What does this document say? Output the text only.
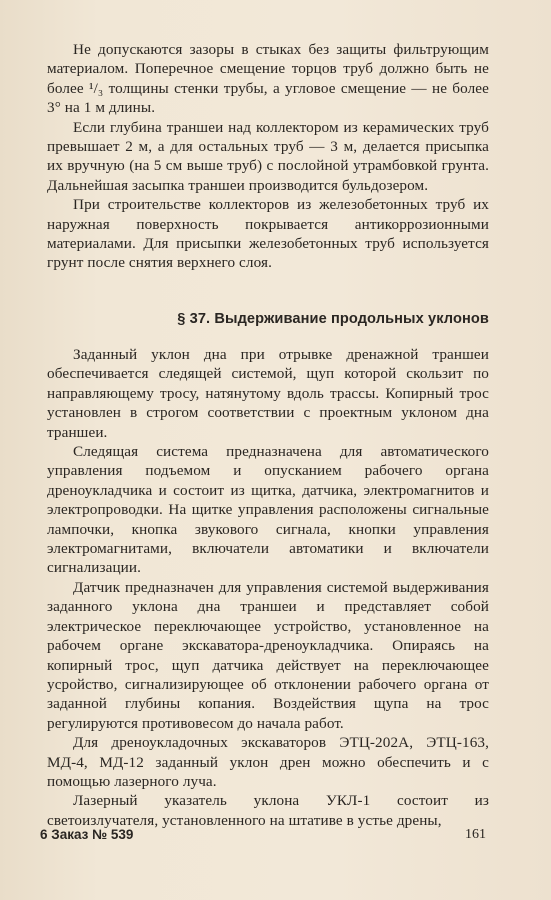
Не допускаются зазоры в стыках без защиты фильтрующим материалом. Поперечное смещение торцов труб должно быть не более ¹/₃ толщины стенки трубы, а угловое смещение — не более 3° на 1 м длины.

Если глубина траншеи над коллектором из керамических труб превышает 2 м, а для остальных труб — 3 м, делается присыпка их вручную (на 5 см выше труб) с послойной утрамбовкой грунта. Дальнейшая засыпка траншеи производится бульдозером.

При строительстве коллекторов из железобетонных труб их наружная поверхность покрывается антикоррозионными материалами. Для присыпки железобетонных труб используется грунт после снятия верхнего слоя.

§ 37. Выдерживание продольных уклонов

Заданный уклон дна при отрывке дренажной траншеи обеспечивается следящей системой, щуп которой скользит по направляющему тросу, натянутому вдоль трассы. Копирный трос установлен в строгом соответствии с проектным уклоном дна траншеи.

Следящая система предназначена для автоматического управления подъемом и опусканием рабочего органа дреноукладчика и состоит из щитка, датчика, электромагнитов и электропроводки. На щитке управления расположены сигнальные лампочки, кнопка звукового сигнала, кнопки управления электромагнитами, включатели автоматики и включатели сигнализации.

Датчик предназначен для управления системой выдерживания заданного уклона дна траншеи и представляет собой электрическое переключающее устройство, установленное на рабочем органе экскаватора-дреноукладчика. Опираясь на копирный трос, щуп датчика действует на переключающее усройство, сигнализирующее об отклонении рабочего органа от заданной глубины копания. Воздействия щупа на трос регулируются противовесом до начала работ.

Для дреноукладочных экскаваторов ЭТЦ-202А, ЭТЦ-163, МД-4, МД-12 заданный уклон дрен можно обеспечить и с помощью лазерного луча.

Лазерный указатель уклона УКЛ-1 состоит из светоизлучателя, установленного на штативе в устье дрены,

6 Заказ № 539	161
